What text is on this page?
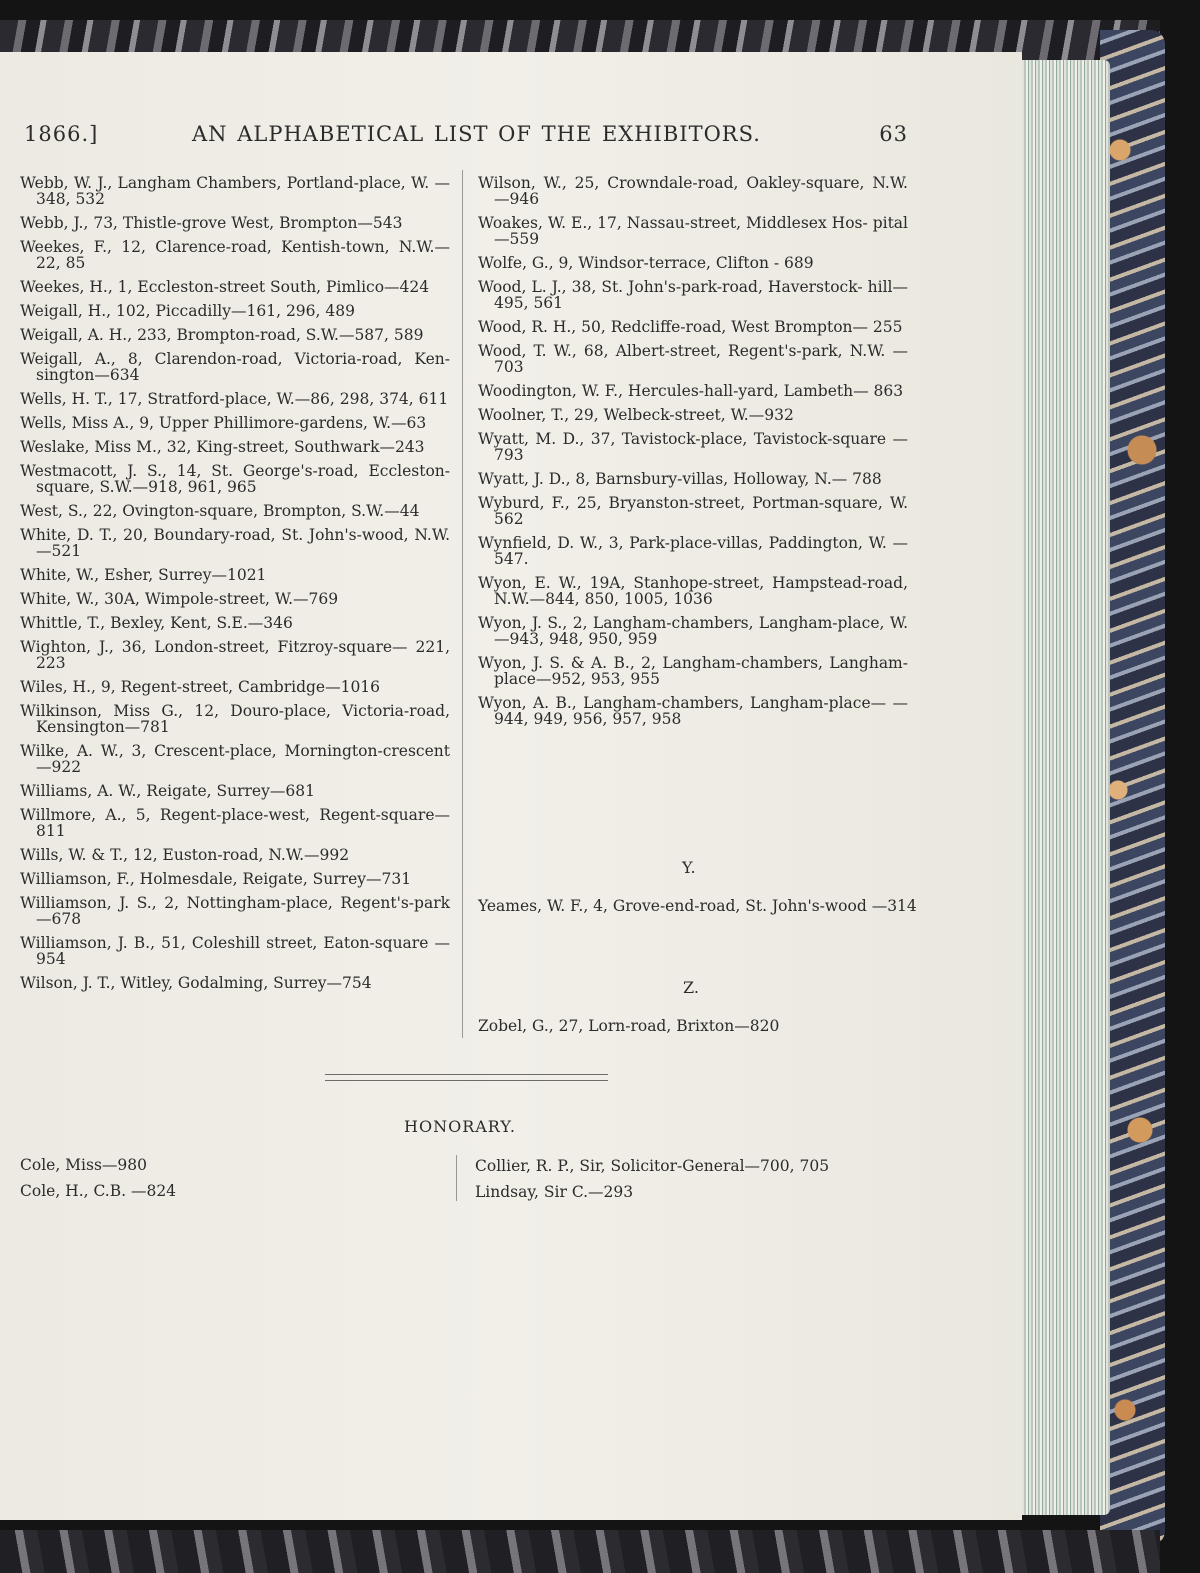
1866.]	AN ALPHABETICAL LIST OF THE EXHIBITORS.	63
Webb, W. J., Langham Chambers, Portland-place, W. —348, 532
Webb, J., 73, Thistle-grove West, Brompton—543
Weekes, F., 12, Clarence-road, Kentish-town, N.W.— 22, 85
Weekes, H., 1, Eccleston-street South, Pimlico—424
Weigall, H., 102, Piccadilly—161, 296, 489
Weigall, A. H., 233, Brompton-road, S.W.—587, 589
Weigall, A., 8, Clarendon-road, Victoria-road, Ken- sington—634
Wells, H. T., 17, Stratford-place, W.—86, 298, 374, 611
Wells, Miss A., 9, Upper Phillimore-gardens, W.—63
Weslake, Miss M., 32, King-street, Southwark—243
Westmacott, J. S., 14, St. George's-road, Eccleston- square, S.W.—918, 961, 965
West, S., 22, Ovington-square, Brompton, S.W.—44
White, D. T., 20, Boundary-road, St. John's-wood, N.W.—521
White, W., Esher, Surrey—1021
White, W., 30A, Wimpole-street, W.—769
Whittle, T., Bexley, Kent, S.E.—346
Wighton, J., 36, London-street, Fitzroy-square— 221, 223
Wiles, H., 9, Regent-street, Cambridge—1016
Wilkinson, Miss G., 12, Douro-place, Victoria-road, Kensington—781
Wilke, A. W., 3, Crescent-place, Mornington-crescent —922
Williams, A. W., Reigate, Surrey—681
Willmore, A., 5, Regent-place-west, Regent-square— 811
Wills, W. & T., 12, Euston-road, N.W.—992
Williamson, F., Holmesdale, Reigate, Surrey—731
Williamson, J. S., 2, Nottingham-place, Regent's-park —678
Williamson, J. B., 51, Coleshill street, Eaton-square —954
Wilson, J. T., Witley, Godalming, Surrey—754
Wilson, W., 25, Crowndale-road, Oakley-square, N.W.—946
Woakes, W. E., 17, Nassau-street, Middlesex Hos- pital—559
Wolfe, G., 9, Windsor-terrace, Clifton - 689
Wood, L. J., 38, St. John's-park-road, Haverstock- hill—495, 561
Wood, R. H., 50, Redcliffe-road, West Brompton— 255
Wood, T. W., 68, Albert-street, Regent's-park, N.W. — 703
Woodington, W. F., Hercules-hall-yard, Lambeth— 863
Woolner, T., 29, Welbeck-street, W.—932
Wyatt, M. D., 37, Tavistock-place, Tavistock-square —793
Wyatt, J. D., 8, Barnsbury-villas, Holloway, N.— 788
Wyburd, F., 25, Bryanston-street, Portman-square, W. 562
Wynfield, D. W., 3, Park-place-villas, Paddington, W. —547.
Wyon, E. W., 19A, Stanhope-street, Hampstead-road, N.W.—844, 850, 1005, 1036
Wyon, J. S., 2, Langham-chambers, Langham-place, W.—943, 948, 950, 959
Wyon, J. S. & A. B., 2, Langham-chambers, Langham- place—952, 953, 955
Wyon, A. B., Langham-chambers, Langham-place— —944, 949, 956, 957, 958
Y.
Yeames, W. F., 4, Grove-end-road, St. John's-wood —314
Z.
Zobel, G., 27, Lorn-road, Brixton—820
HONORARY.
Cole, Miss—980
Cole, H., C.B. —824
Collier, R. P., Sir, Solicitor-General—700, 705
Lindsay, Sir C.—293
